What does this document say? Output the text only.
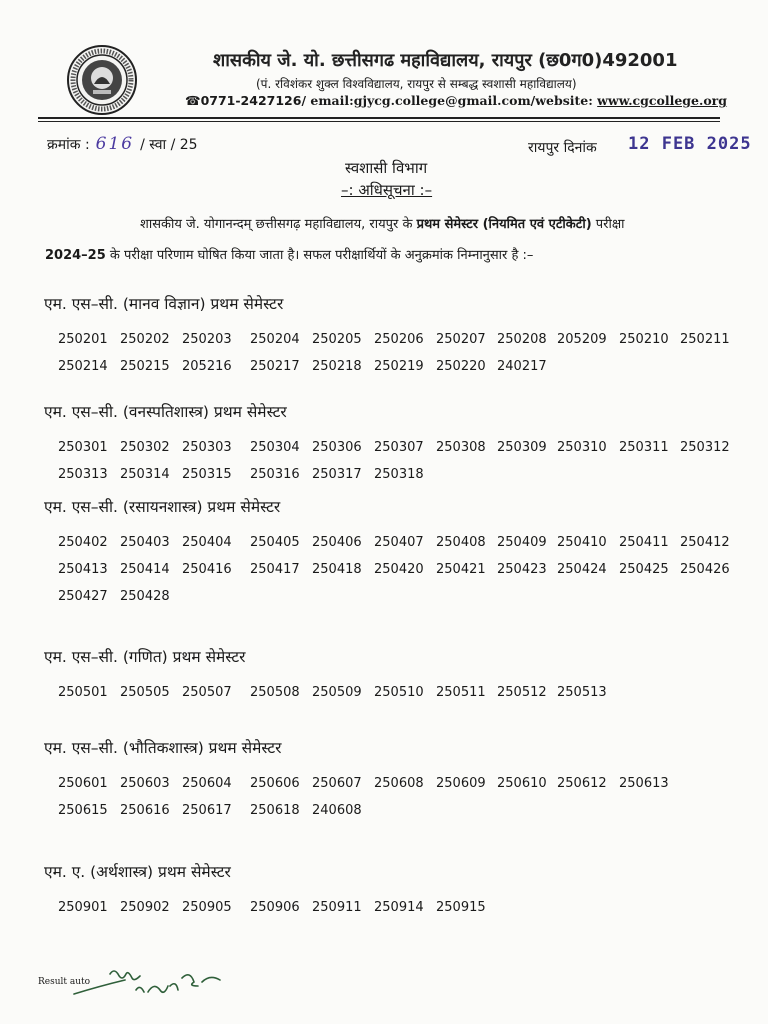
शासकीय जे. यो. छत्तीसगढ महाविद्यालय, रायपुर (छ0ग0)492001
(पं. रविशंकर शुक्ल विश्वविद्यालय, रायपुर से सम्बद्ध स्वशासी महाविद्यालय)
☎0771-2427126/ email:gjycg.college@gmail.com/website: www.cgcollege.org
क्रमांक : 616 / स्वा / 25	रायपुर दिनांक 12 FEB 2025
स्वशासी विभाग
–: अधिसूचना :–
शासकीय जे. योगानन्दम् छत्तीसगढ़ महाविद्यालय, रायपुर के प्रथम सेमेस्टर (नियमित एवं एटीकेटी) परीक्षा
2024–25 के परीक्षा परिणाम घोषित किया जाता है। सफल परीक्षार्थियों के अनुक्रमांक निम्नानुसार है :–
एम. एस–सी. (मानव विज्ञान) प्रथम सेमेस्टर
250201 250202 250203 250204 250205 250206 250207 250208 205209 250210 250211
250214 250215 205216 250217 250218 250219 250220 240217
एम. एस–सी. (वनस्पतिशास्त्र) प्रथम सेमेस्टर
250301 250302 250303 250304 250306 250307 250308 250309 250310 250311 250312
250313 250314 250315 250316 250317 250318
एम. एस–सी. (रसायनशास्त्र) प्रथम सेमेस्टर
250402 250403 250404 250405 250406 250407 250408 250409 250410 250411 250412
250413 250414 250416 250417 250418 250420 250421 250423 250424 250425 250426
250427 250428
एम. एस–सी. (गणित) प्रथम सेमेस्टर
250501 250505 250507 250508 250509 250510 250511 250512 250513
एम. एस–सी. (भौतिकशास्त्र) प्रथम सेमेस्टर
250601 250603 250604 250606 250607 250608 250609 250610 250612 250613
250615 250616 250617 250618 240608
एम. ए. (अर्थशास्त्र) प्रथम सेमेस्टर
250901 250902 250905 250906 250911 250914 250915
Result auto
